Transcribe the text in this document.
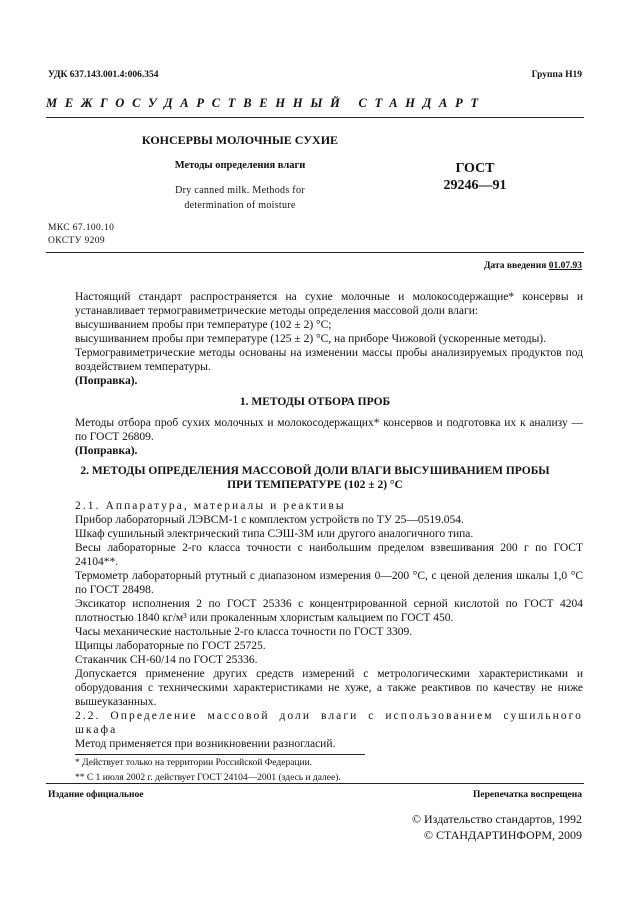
УДК 637.143.001.4:006.354	Группа Н19
МЕЖГОСУДАРСТВЕННЫЙ СТАНДАРТ
КОНСЕРВЫ МОЛОЧНЫЕ СУХИЕ
Методы определения влаги
Dry canned milk. Methods for
determination of moisture
ГОСТ
29246—91
МКС 67.100.10
ОКСТУ 9209
Дата введения 01.07.93

Настоящий стандарт распространяется на сухие молочные и молокосодержащие* консервы и устанавливает термогравиметрические методы определения массовой доли влаги:

высушиванием пробы при температуре (102 ± 2) °С;

высушиванием пробы при температуре (125 ± 2) °С, на приборе Чижовой (ускоренные методы).

Термогравиметрические методы основаны на изменении массы пробы анализируемых продуктов под воздействием температуры.

(Поправка).

1. МЕТОДЫ ОТБОРА ПРОБ

Методы отбора проб сухих молочных и молокосодержащих* консервов и подготовка их к анализу — по ГОСТ 26809.

(Поправка).

2. МЕТОДЫ ОПРЕДЕЛЕНИЯ МАССОВОЙ ДОЛИ ВЛАГИ ВЫСУШИВАНИЕМ ПРОБЫ
ПРИ ТЕМПЕРАТУРЕ (102 ± 2) °С

2.1. Аппаратура, материалы и реактивы

Прибор лабораторный ЛЭВСМ-1 с комплектом устройств по ТУ 25—0519.054.

Шкаф сушильный электрический типа СЭШ-3М или другого аналогичного типа.

Весы лабораторные 2-го класса точности с наибольшим пределом взвешивания 200 г по ГОСТ 24104**.

Термометр лабораторный ртутный с диапазоном измерения 0—200 °С, с ценой деления шкалы 1,0 °С по ГОСТ 28498.

Эксикатор исполнения 2 по ГОСТ 25336 с концентрированной серной кислотой по ГОСТ 4204 плотностью 1840 кг/м³ или прокаленным хлористым кальцием по ГОСТ 450.

Часы механические настольные 2-го класса точности по ГОСТ 3309.

Щипцы лабораторные по ГОСТ 25725.

Стаканчик СН-60/14 по ГОСТ 25336.

Допускается применение других средств измерений с метрологическими характеристиками и оборудования с техническими характеристиками не хуже, а также реактивов по качеству не ниже вышеуказанных.

2.2. Определение массовой доли влаги с использованием сушильного шкафа

Метод применяется при возникновении разногласий.

* Действует только на территории Российской Федерации.
** С 1 июля 2002 г. действует ГОСТ 24104—2001 (здесь и далее).
Издание официальное	Перепечатка воспрещена
© Издательство стандартов, 1992
© СТАНДАРТИНФОРМ, 2009
